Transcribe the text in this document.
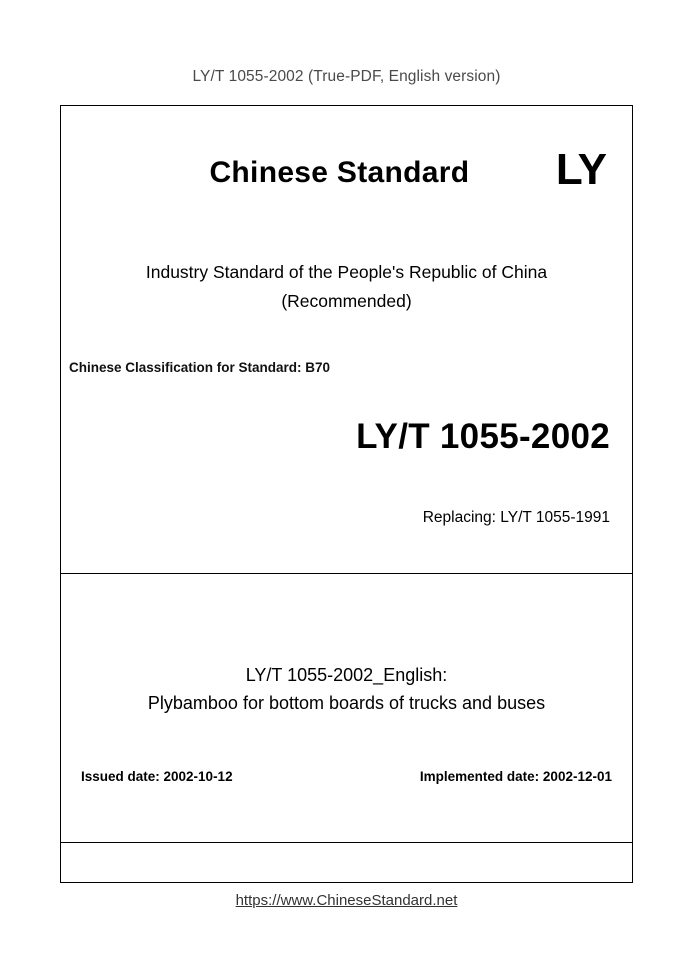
LY/T 1055-2002 (True-PDF, English version)
Chinese Standard	LY
Industry Standard of the People's Republic of China
(Recommended)
Chinese Classification for Standard: B70
LY/T 1055-2002
Replacing: LY/T 1055-1991
LY/T 1055-2002_English:
Plybamboo for bottom boards of trucks and buses
Issued date: 2002-10-12	Implemented date: 2002-12-01
https://www.ChineseStandard.net
